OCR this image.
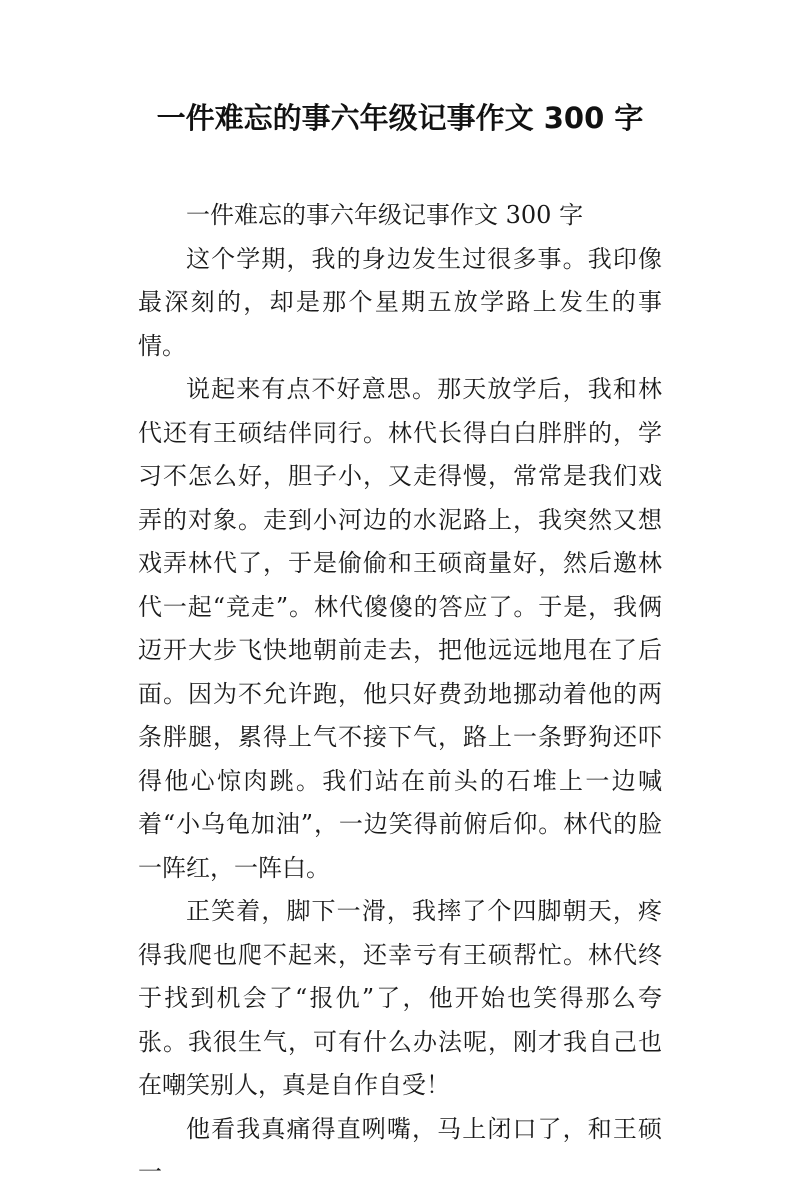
一件难忘的事六年级记事作文 300 字

一件难忘的事六年级记事作文 300 字

这个学期，我的身边发生过很多事。我印像最深刻的，却是那个星期五放学路上发生的事情。

说起来有点不好意思。那天放学后，我和林代还有王硕结伴同行。林代长得白白胖胖的，学习不怎么好，胆子小，又走得慢，常常是我们戏弄的对象。走到小河边的水泥路上，我突然又想戏弄林代了，于是偷偷和王硕商量好，然后邀林代一起“竞走”。林代傻傻的答应了。于是，我俩迈开大步飞快地朝前走去，把他远远地甩在了后面。因为不允许跑，他只好费劲地挪动着他的两条胖腿，累得上气不接下气，路上一条野狗还吓得他心惊肉跳。我们站在前头的石堆上一边喊着“小乌龟加油”，一边笑得前俯后仰。林代的脸一阵红，一阵白。

正笑着，脚下一滑，我摔了个四脚朝天，疼得我爬也爬不起来，还幸亏有王硕帮忙。林代终于找到机会了“报仇”了，他开始也笑得那么夸张。我很生气，可有什么办法呢，刚才我自己也在嘲笑别人，真是自作自受！

他看我真痛得直咧嘴，马上闭口了，和王硕一
